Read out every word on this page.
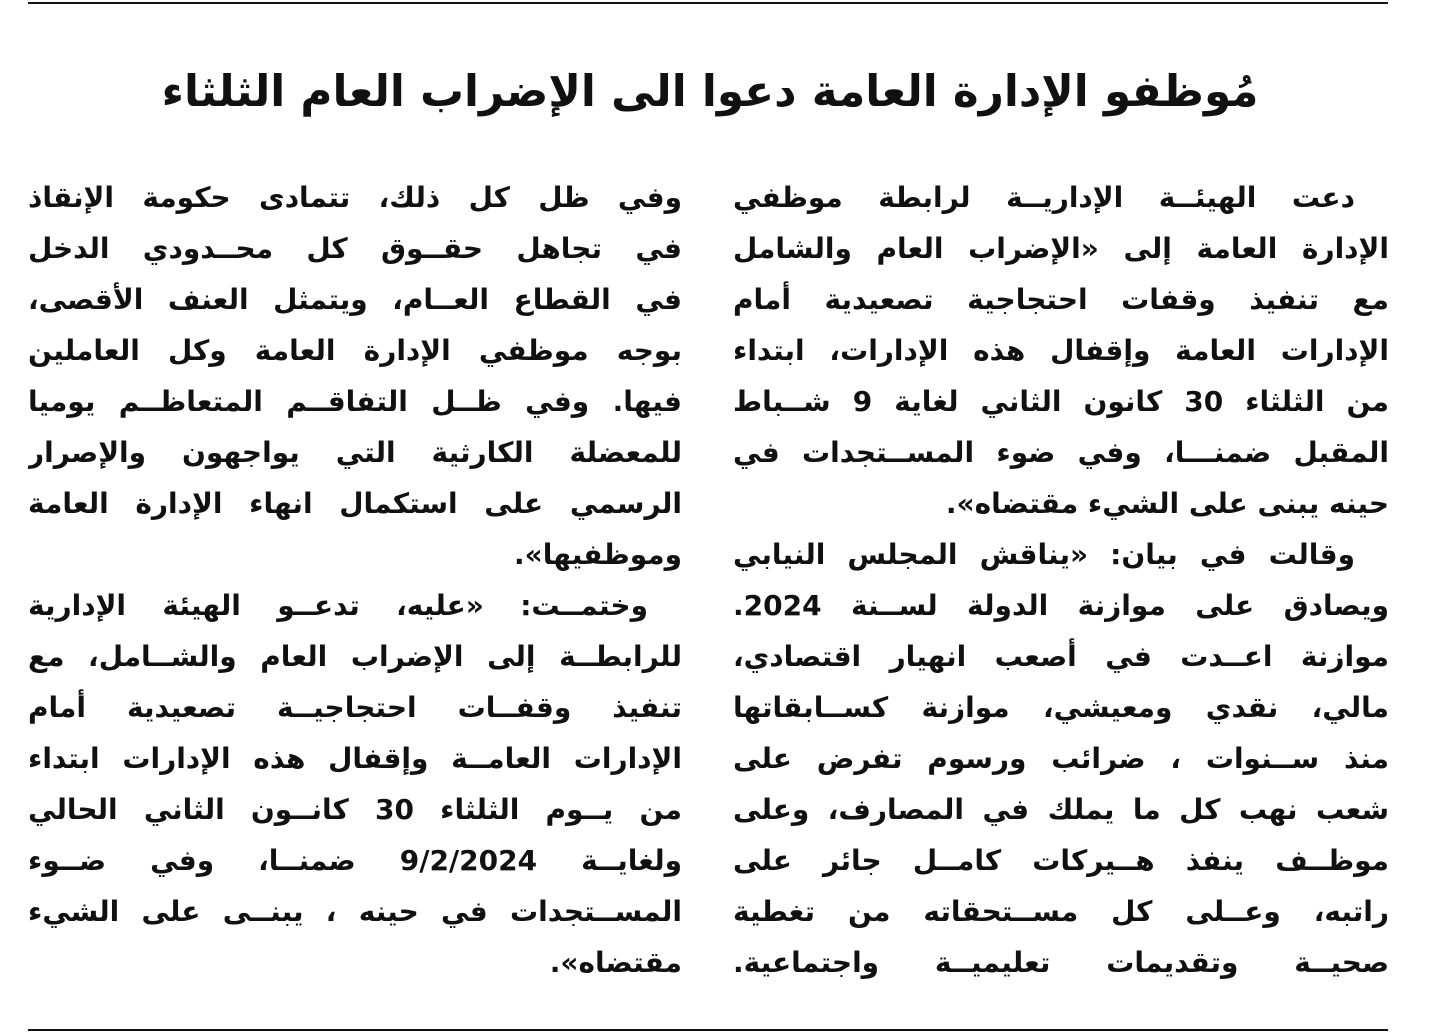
مُوظفو الإدارة العامة دعوا الى الإضراب العام الثلثاء
دعت الهيئــة الإداريــة لرابطة موظفي
الإدارة العامة إلى «الإضراب العام والشامل
مع تنفيذ وقفات احتجاجية تصعيدية أمام
الإدارات العامة وإقفال هذه الإدارات، ابتداء
من الثلثاء 30 كانون الثاني لغاية 9 شــباط
المقبل ضمنـــا، وفي ضوء المســتجدات في
حينه يبنى على الشيء مقتضاه».
وقالت في بيان: «يناقش المجلس النيابي
ويصادق على موازنة الدولة لســنة 2024.
موازنة اعــدت في أصعب انهيار اقتصادي،
مالي، نقدي ومعيشي، موازنة كســابقاتها
منذ ســنوات ، ضرائب ورسوم تفرض على
شعب نهب كل ما يملك في المصارف، وعلى
موظــف ينفذ هــيركات كامــل جائر على
راتبه، وعــلى كل مســتحقاته من تغطية
صحيــة وتقديمات تعليميــة واجتماعية.
وفي ظل كل ذلك، تتمادى حكومة الإنقاذ
في تجاهل حقــوق كل محــدودي الدخل
في القطاع العــام، ويتمثل العنف الأقصى،
بوجه موظفي الإدارة العامة وكل العاملين
فيها. وفي ظــل التفاقــم المتعاظــم يوميا
للمعضلة الكارثية التي يواجهون والإصرار
الرسمي على استكمال انهاء الإدارة العامة
وموظفيها».
وختمــت: «عليه، تدعــو الهيئة الإدارية
للرابطــة إلى الإضراب العام والشــامل، مع
تنفيذ وقفــات احتجاجيــة تصعيدية أمام
الإدارات العامــة وإقفال هذه الإدارات ابتداء
من يــوم الثلثاء 30 كانــون الثاني الحالي
ولغايــة 9/2/2024 ضمنــا، وفي ضــوء
المســتجدات في حينه ، يبنــى على الشيء
مقتضاه».
